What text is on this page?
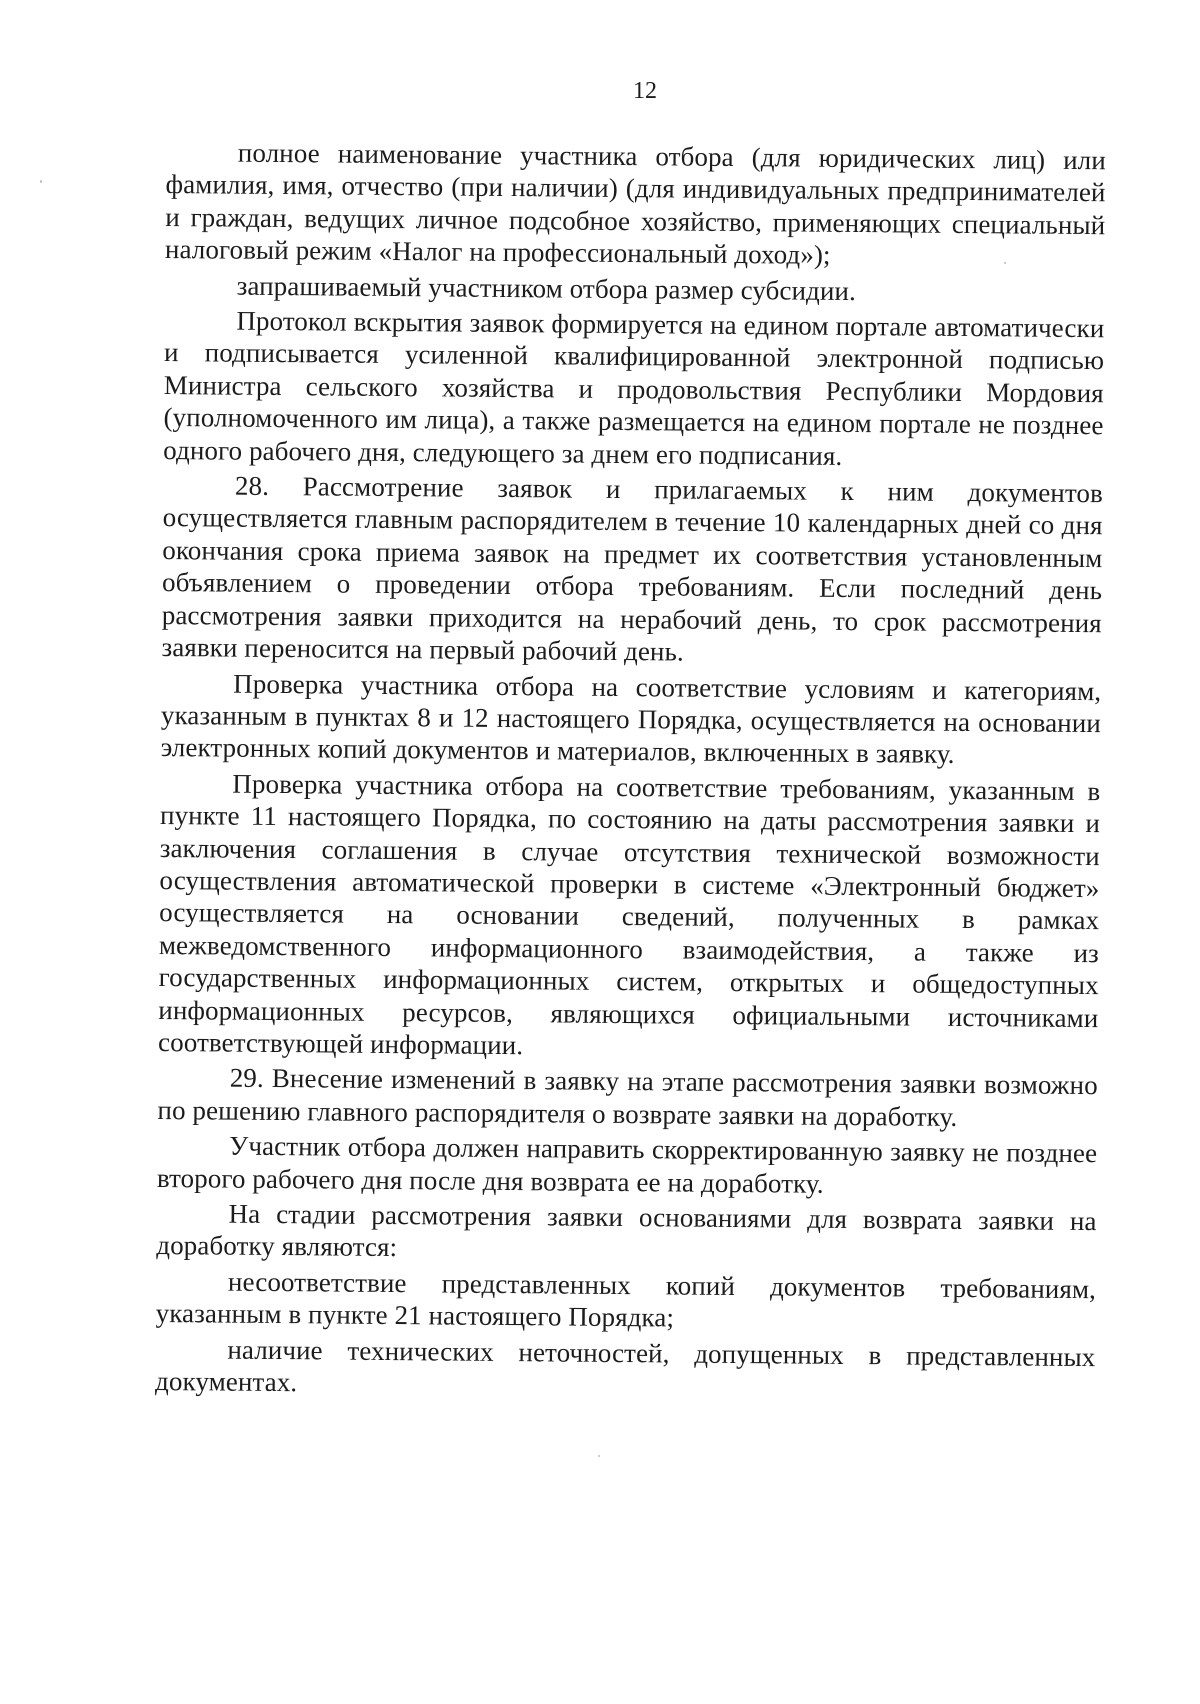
12

полное наименование участника отбора (для юридических лиц) или фамилия, имя, отчество (при наличии) (для индивидуальных предпринимателей и граждан, ведущих личное подсобное хозяйство, применяющих специальный налоговый режим «Налог на профессиональный доход»);

запрашиваемый участником отбора размер субсидии.

Протокол вскрытия заявок формируется на едином портале автоматически и подписывается усиленной квалифицированной электронной подписью Министра сельского хозяйства и продовольствия Республики Мордовия (уполномоченного им лица), а также размещается на едином портале не позднее одного рабочего дня, следующего за днем его подписания.

28. Рассмотрение заявок и прилагаемых к ним документов осуществляется главным распорядителем в течение 10 календарных дней со дня окончания срока приема заявок на предмет их соответствия установленным объявлением о проведении отбора требованиям. Если последний день рассмотрения заявки приходится на нерабочий день, то срок рассмотрения заявки переносится на первый рабочий день.

Проверка участника отбора на соответствие условиям и категориям, указанным в пунктах 8 и 12 настоящего Порядка, осуществляется на основании электронных копий документов и материалов, включенных в заявку.

Проверка участника отбора на соответствие требованиям, указанным в пункте 11 настоящего Порядка, по состоянию на даты рассмотрения заявки и заключения соглашения в случае отсутствия технической возможности осуществления автоматической проверки в системе «Электронный бюджет» осуществляется на основании сведений, полученных в рамках межведомственного информационного взаимодействия, а также из государственных информационных систем, открытых и общедоступных информационных ресурсов, являющихся официальными источниками соответствующей информации.

29. Внесение изменений в заявку на этапе рассмотрения заявки возможно по решению главного распорядителя о возврате заявки на доработку.

Участник отбора должен направить скорректированную заявку не позднее второго рабочего дня после дня возврата ее на доработку.

На стадии рассмотрения заявки основаниями для возврата заявки на доработку являются:

несоответствие представленных копий документов требованиям, указанным в пункте 21 настоящего Порядка;

наличие технических неточностей, допущенных в представленных документах.
